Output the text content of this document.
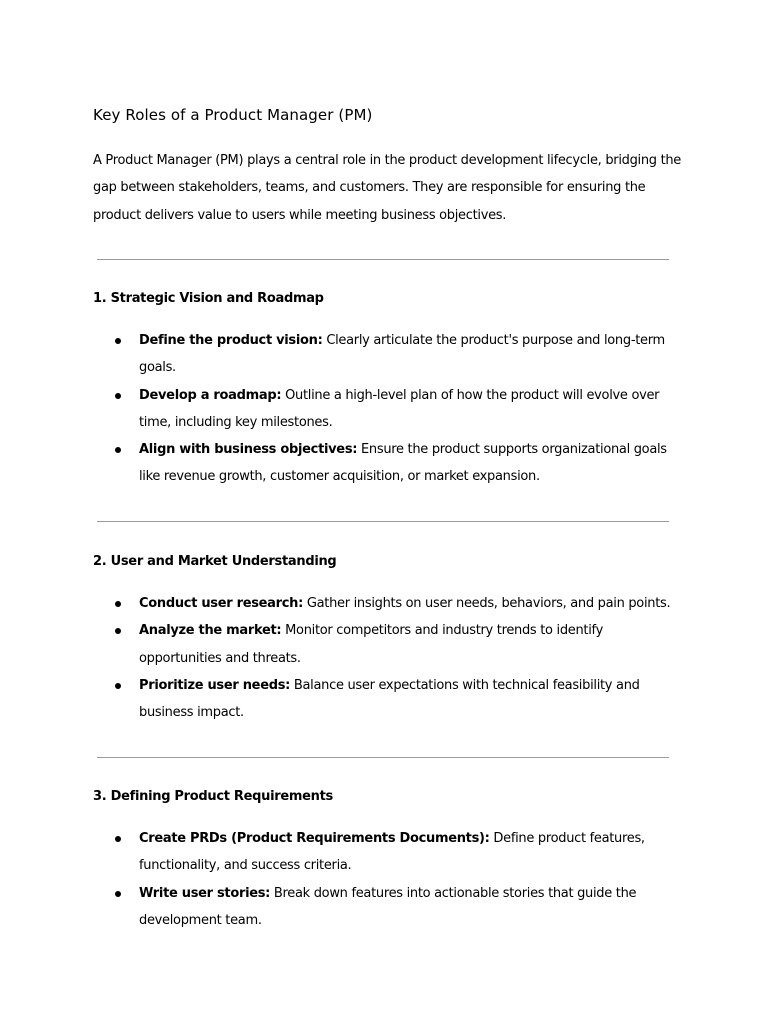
Key Roles of a Product Manager (PM)

A Product Manager (PM) plays a central role in the product development lifecycle, bridging the gap between stakeholders, teams, and customers. They are responsible for ensuring the product delivers value to users while meeting business objectives.

1. Strategic Vision and Roadmap
Define the product vision: Clearly articulate the product's purpose and long-term goals.
Develop a roadmap: Outline a high-level plan of how the product will evolve over time, including key milestones.
Align with business objectives: Ensure the product supports organizational goals like revenue growth, customer acquisition, or market expansion.
2. User and Market Understanding
Conduct user research: Gather insights on user needs, behaviors, and pain points.
Analyze the market: Monitor competitors and industry trends to identify opportunities and threats.
Prioritize user needs: Balance user expectations with technical feasibility and business impact.
3. Defining Product Requirements
Create PRDs (Product Requirements Documents): Define product features, functionality, and success criteria.
Write user stories: Break down features into actionable stories that guide the development team.
